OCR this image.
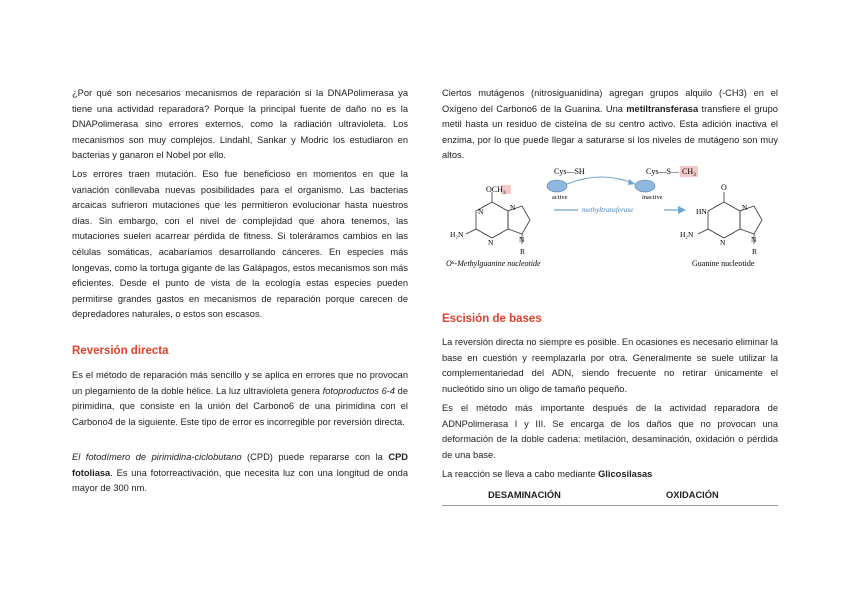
¿Por qué son necesarios mecanismos de reparación si la DNAPolimerasa ya tiene una actividad reparadora? Porque la principal fuente de daño no es la DNAPolimerasa sino errores externos, como la radiación ultravioleta. Los mecanismos son muy complejos. Lindahl, Sankar y Modric los estudiaron en bacterias y ganaron el Nobel por ello.

Los errores traen mutación. Eso fue beneficioso en momentos en que la variación conllevaba nuevas posibilidades para el organismo. Las bacterias arcaicas sufrieron mutaciones que les permitieron evolucionar hasta nuestros días. Sin embargo, con el nivel de complejidad que ahora tenemos, las mutaciones suelen acarrear pérdida de fitness. Si toleráramos cambios en las células somáticas, acabaríamos desarrollando cánceres. En especies más longevas, como la tortuga gigante de las Galápagos, estos mecanismos son más eficientes. Desde el punto de vista de la ecología estas especies pueden permitirse grandes gastos en mecanismos de reparación porque carecen de depredadores naturales, o estos son escasos.

Reversión directa

Es el método de reparación más sencillo y se aplica en errores que no provocan un plegamiento de la doble hélice. La luz ultravioleta genera fotoproductos 6-4 de pirimidina, que consiste en la unión del Carbono6 de una pirimidina con el Carbono4 de la siguiente. Este tipo de error es incorregible por reversión directa.

El fotodímero de pirimidina-ciclobutano (CPD) puede repararse con la CPD fotoliasa. Es una fotorreactivación, que necesita luz con una longitud de onda mayor de 300 nm.

Ciertos mutágenos (nitrosiguanidina) agregan grupos alquilo (-CH3) en el Oxígeno del Carbono6 de la Guanina. Una metiltransferasa transfiere el grupo metil hasta un residuo de cisteína de su centro activo. Esta adición inactiva el enzima, por lo que puede llegar a saturarse si los niveles de mutágeno son muy altos.

Cys—SH
active
Cys—S— $CH_3$
inactive
methyltransferase
$OCH_3$
N	N
N	N
H₂N
R
O⁶-Methylguanine nucleotide
O
HN	N
N	N
H₂N
R
Guanine nucleotide
Escisión de bases

La reversión directa no siempre es posible. En ocasiones es necesario eliminar la base en cuestión y reemplazarla por otra. Generalmente se suele utilizar la complementariedad del ADN, siendo frecuente no retirar únicamente el nucleótido sino un oligo de tamaño pequeño.

Es el método más importante después de la actividad reparadora de ADNPolimerasa I y III. Se encarga de los daños que no provocan una deformación de la doble cadena: metilación, desaminación, oxidación o pérdida de una base.

La reacción se lleva a cabo mediante Glicosilasas

DESAMINACIÓN	OXIDACIÓN
